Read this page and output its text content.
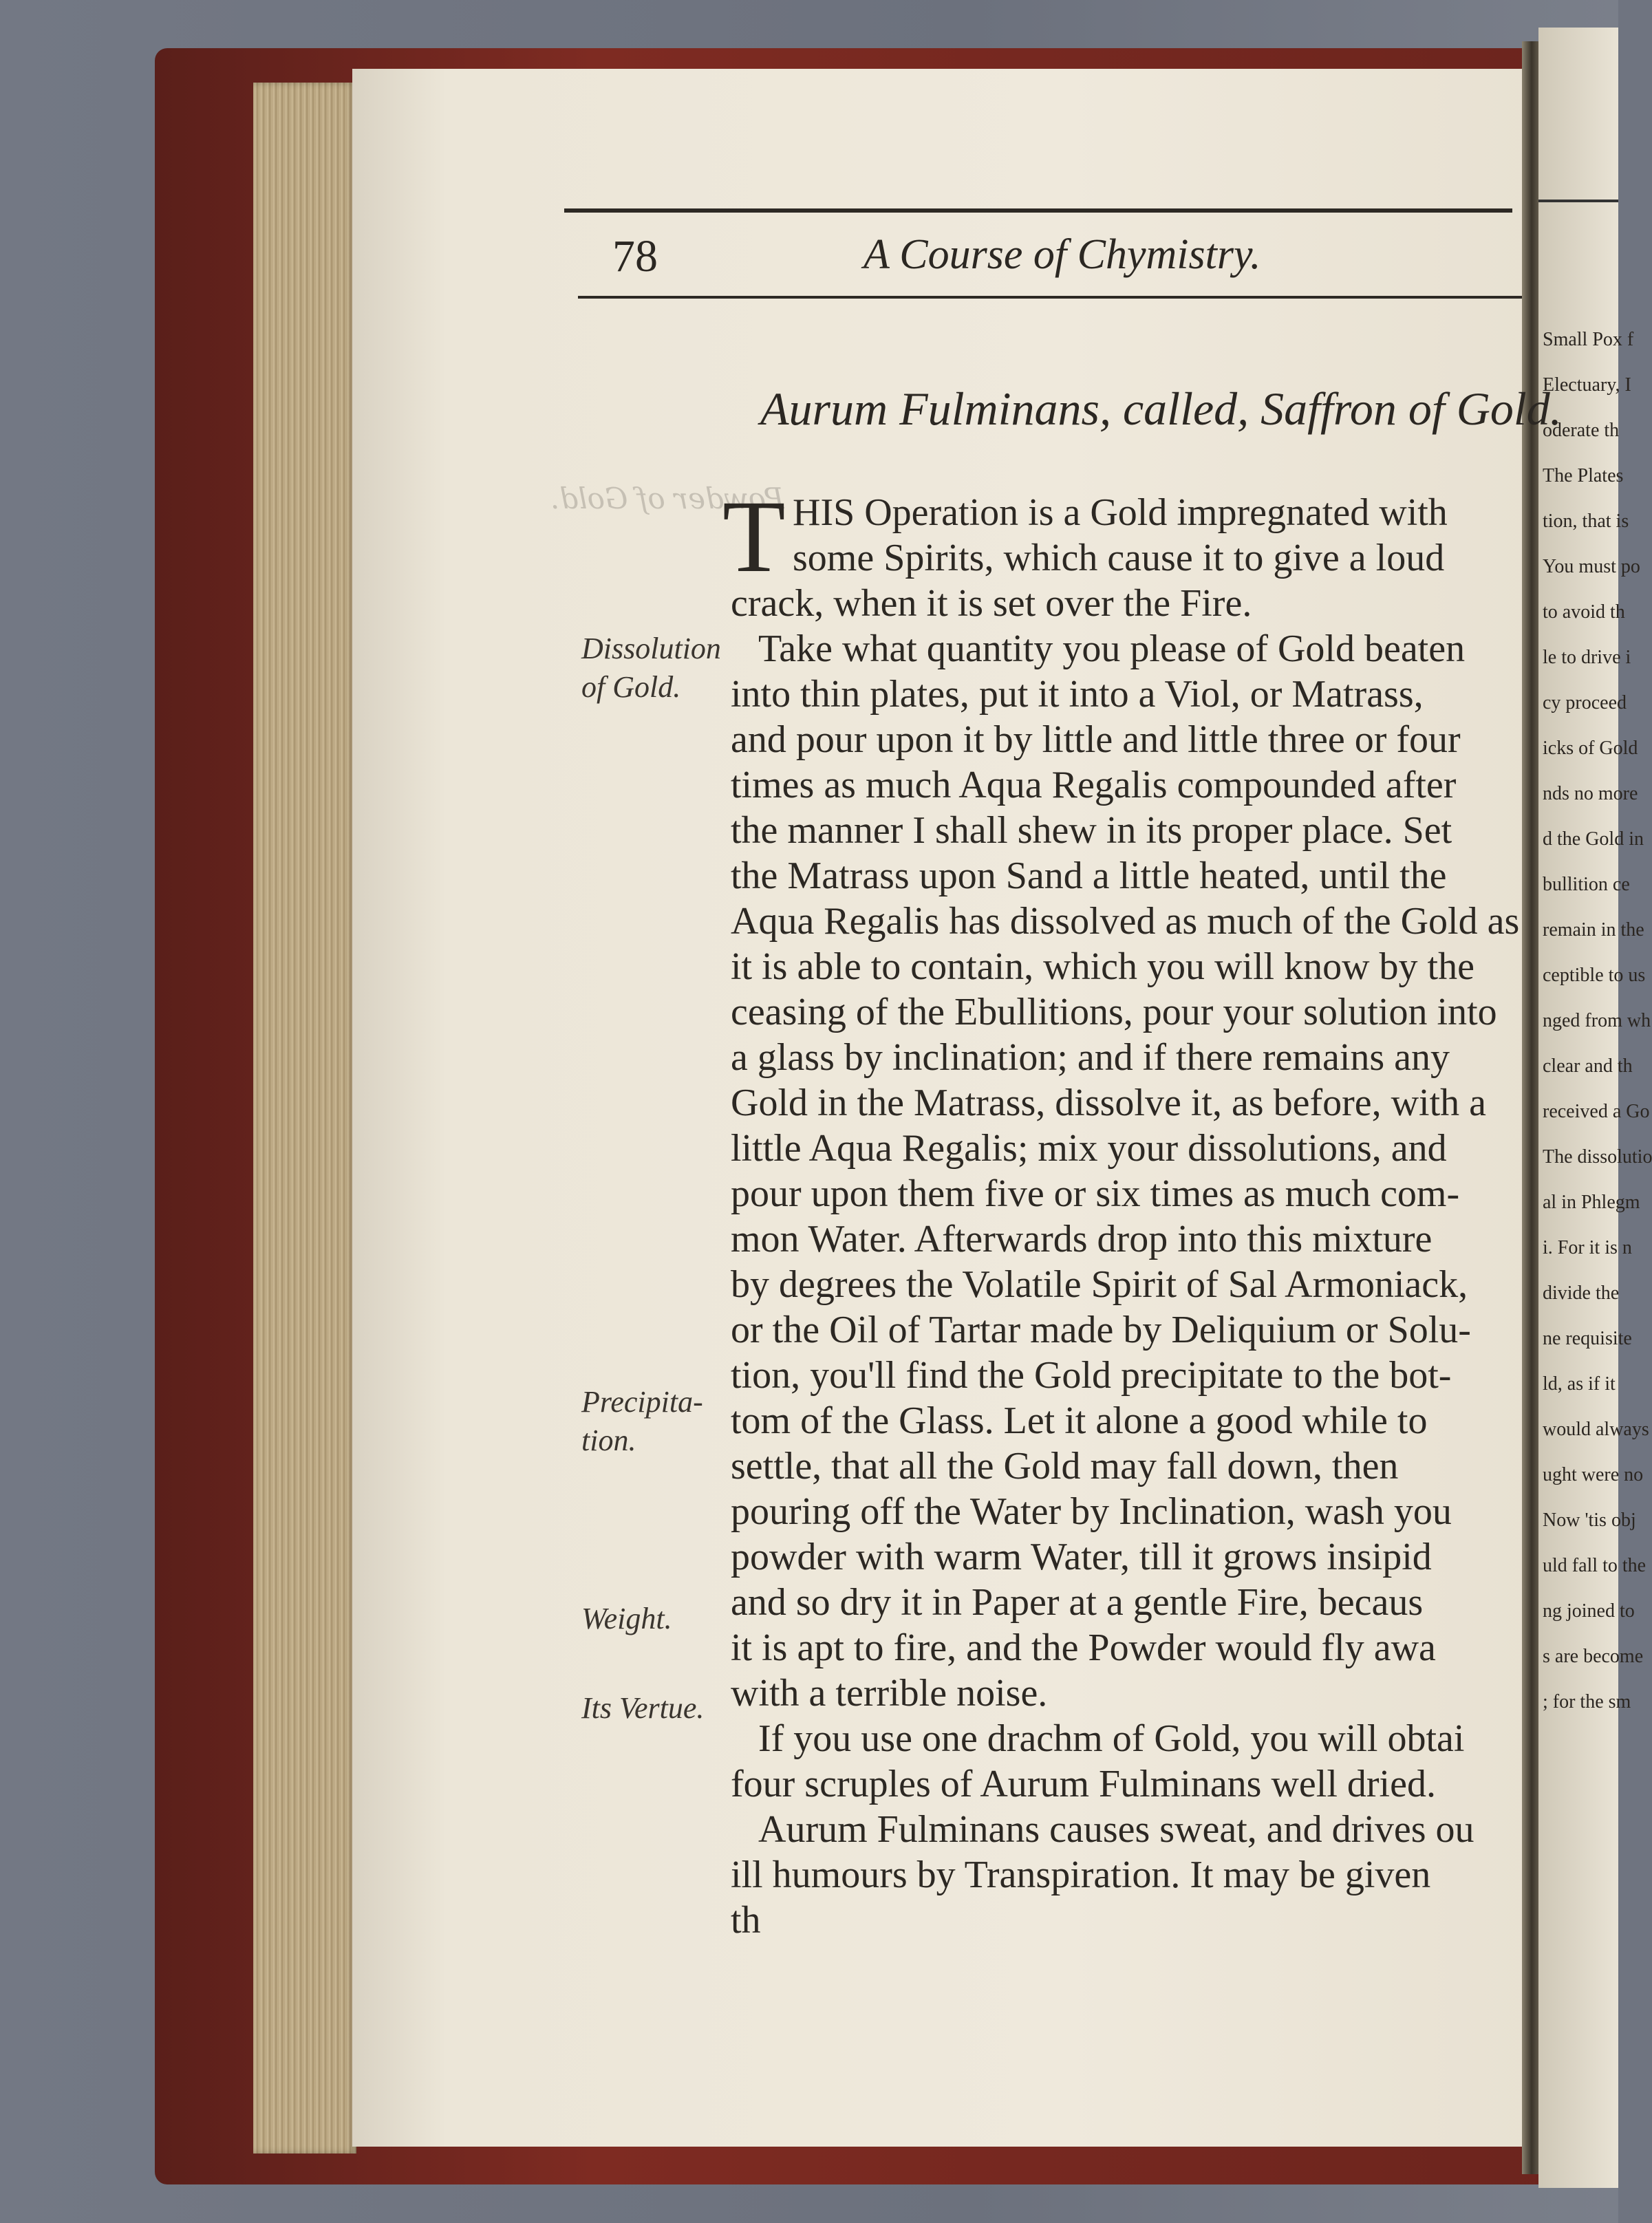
Small Pox f
Electuary, I
oderate th
The Plates
tion, that is
You must po
to avoid th
le to drive i
cy proceed
icks of Gold
nds no more
d the Gold in
bullition ce
remain in the
ceptible to us
nged from wh
clear and th
received a Go
The dissolutio
al in Phlegm
i. For it is n
divide the
ne requisite
ld, as if it
would always
ught were no
Now 'tis obj
uld fall to the
ng joined to
s are become
; for the sm
78	A Course of Chymistry.
Aurum Fulminans, called, Saffron of Gold.
Powder of Gold.
T HIS Operation is a Gold impregnated with
some Spirits, which cause it to give a loud
crack, when it is set over the Fire.
Take what quantity you please of Gold beaten
into thin plates, put it into a Viol, or Matrass,
and pour upon it by little and little three or four
times as much Aqua Regalis compounded after
the manner I shall shew in its proper place. Set
the Matrass upon Sand a little heated, until the
Aqua Regalis has dissolved as much of the Gold as
it is able to contain, which you will know by the
ceasing of the Ebullitions, pour your solution into
a glass by inclination; and if there remains any
Gold in the Matrass, dissolve it, as before, with a
little Aqua Regalis; mix your dissolutions, and
pour upon them five or six times as much com-
mon Water. Afterwards drop into this mixture
by degrees the Volatile Spirit of Sal Armoniack,
or the Oil of Tartar made by Deliquium or Solu-
tion, you'll find the Gold precipitate to the bot-
tom of the Glass. Let it alone a good while to
settle, that all the Gold may fall down, then
pouring off the Water by Inclination, wash you
powder with warm Water, till it grows insipid
and so dry it in Paper at a gentle Fire, becaus
it is apt to fire, and the Powder would fly awa
with a terrible noise.
If you use one drachm of Gold, you will obtai
four scruples of Aurum Fulminans well dried.
Aurum Fulminans causes sweat, and drives ou
ill humours by Transpiration. It may be given
th
Dissolution
of Gold.
Precipita-
tion.
Weight.
Its Vertue.
